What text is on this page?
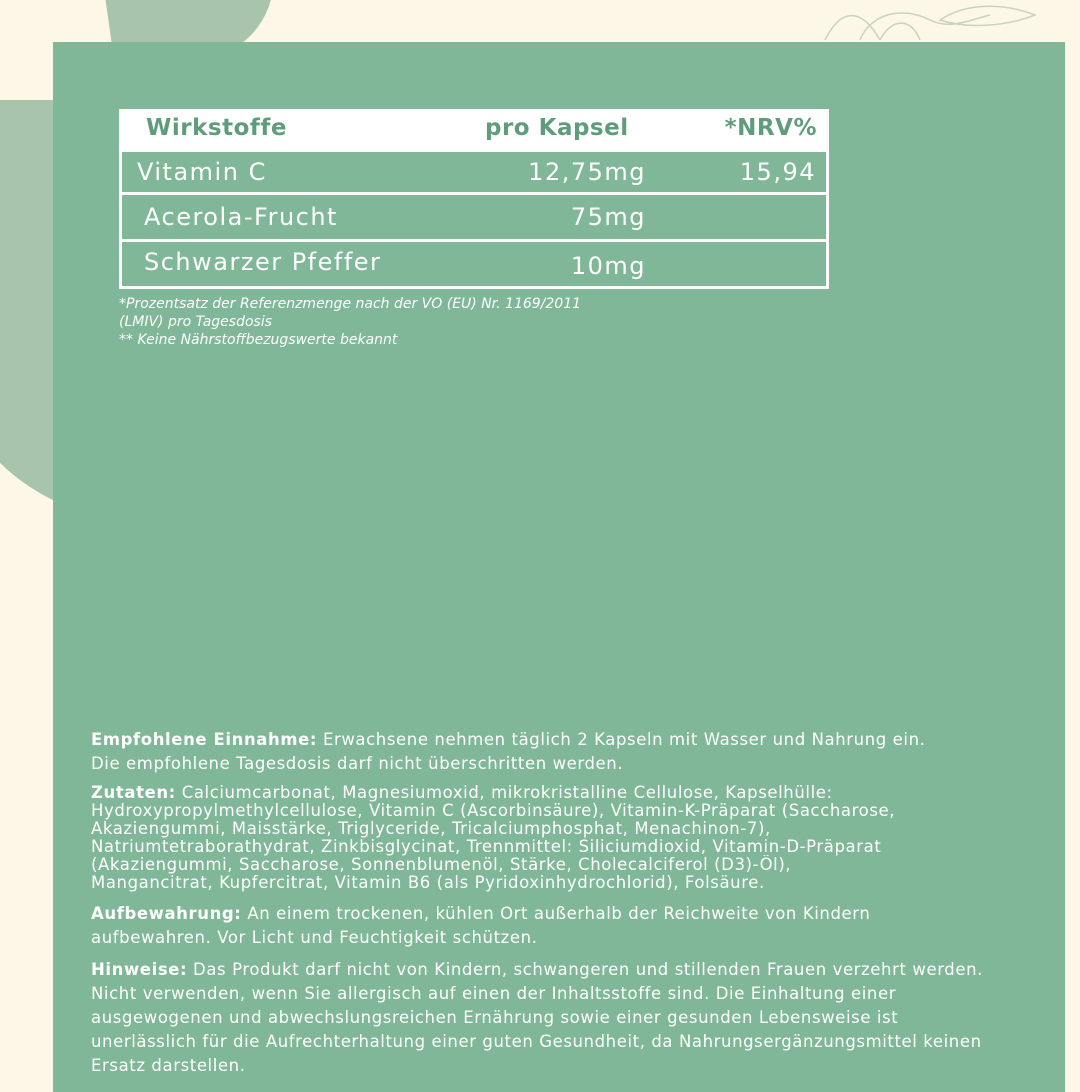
Wirkstoffe	pro Kapsel	*NRV%
Vitamin C	12,75mg	15,94
Acerola-Frucht	75mg
Schwarzer Pfeffer	10mg
*Prozentsatz der Referenzmenge nach der VO (EU) Nr. 1169/2011
(LMIV) pro Tagesdosis
** Keine Nährstoffbezugswerte bekannt
Empfohlene Einnahme: Erwachsene nehmen täglich 2 Kapseln mit Wasser und Nahrung ein.
Die empfohlene Tagesdosis darf nicht überschritten werden.
Zutaten: Calciumcarbonat, Magnesiumoxid, mikrokristalline Cellulose, Kapselhülle:
Hydroxypropylmethylcellulose, Vitamin C (Ascorbinsäure), Vitamin-K-Präparat (Saccharose,
Akaziengummi, Maisstärke, Triglyceride, Tricalciumphosphat, Menachinon-7),
Natriumtetraborathydrat, Zinkbisglycinat, Trennmittel: Siliciumdioxid, Vitamin-D-Präparat
(Akaziengummi, Saccharose, Sonnenblumenöl, Stärke, Cholecalciferol (D3)-Öl),
Mangancitrat, Kupfercitrat, Vitamin B6 (als Pyridoxinhydrochlorid), Folsäure.
Aufbewahrung: An einem trockenen, kühlen Ort außerhalb der Reichweite von Kindern
aufbewahren. Vor Licht und Feuchtigkeit schützen.
Hinweise: Das Produkt darf nicht von Kindern, schwangeren und stillenden Frauen verzehrt werden.
Nicht verwenden, wenn Sie allergisch auf einen der Inhaltsstoffe sind. Die Einhaltung einer
ausgewogenen und abwechslungsreichen Ernährung sowie einer gesunden Lebensweise ist
unerlässlich für die Aufrechterhaltung einer guten Gesundheit, da Nahrungsergänzungsmittel keinen
Ersatz darstellen.
